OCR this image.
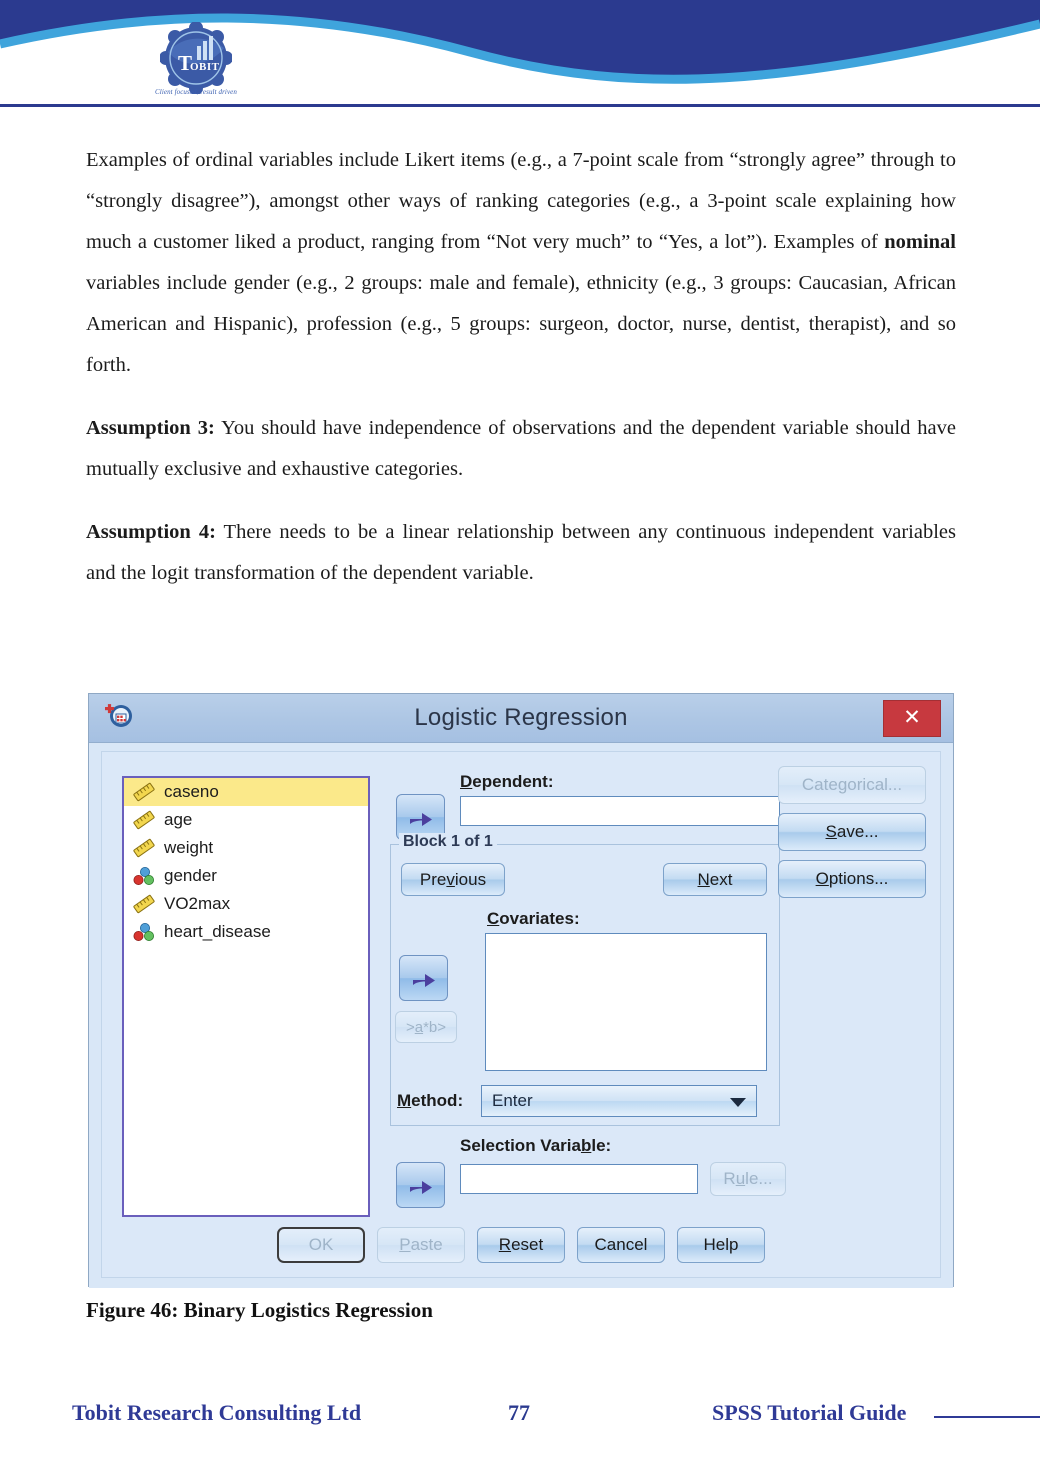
T
OBIT
Client focused, result driven

Examples of ordinal variables include Likert items (e.g., a 7-point scale from “strongly agree” through to “strongly disagree”), amongst other ways of ranking categories (e.g., a 3-point scale explaining how much a customer liked a product, ranging from “Not very much” to “Yes, a lot”). Examples of nominal variables include gender (e.g., 2 groups: male and female), ethnicity (e.g., 3 groups: Caucasian, African American and Hispanic), profession (e.g., 5 groups: surgeon, doctor, nurse, dentist, therapist), and so forth.

Assumption 3: You should have independence of observations and the dependent variable should have mutually exclusive and exhaustive categories.

Assumption 4: There needs to be a linear relationship between any continuous independent variables and the logit transformation of the dependent variable.

Logistic Regression	✕
caseno
age
weight
gender
VO2max
heart_disease
Dependent:
Block 1 of 1
Previous	Next
Covariates:
>a*b>
Method:	Enter
Selection Variable:
Rule...
Categorical...
Save...
Options...
OK	Paste	Reset	Cancel	Help
Figure 46: Binary Logistics Regression
Tobit Research Consulting Ltd	77	SPSS Tutorial Guide
